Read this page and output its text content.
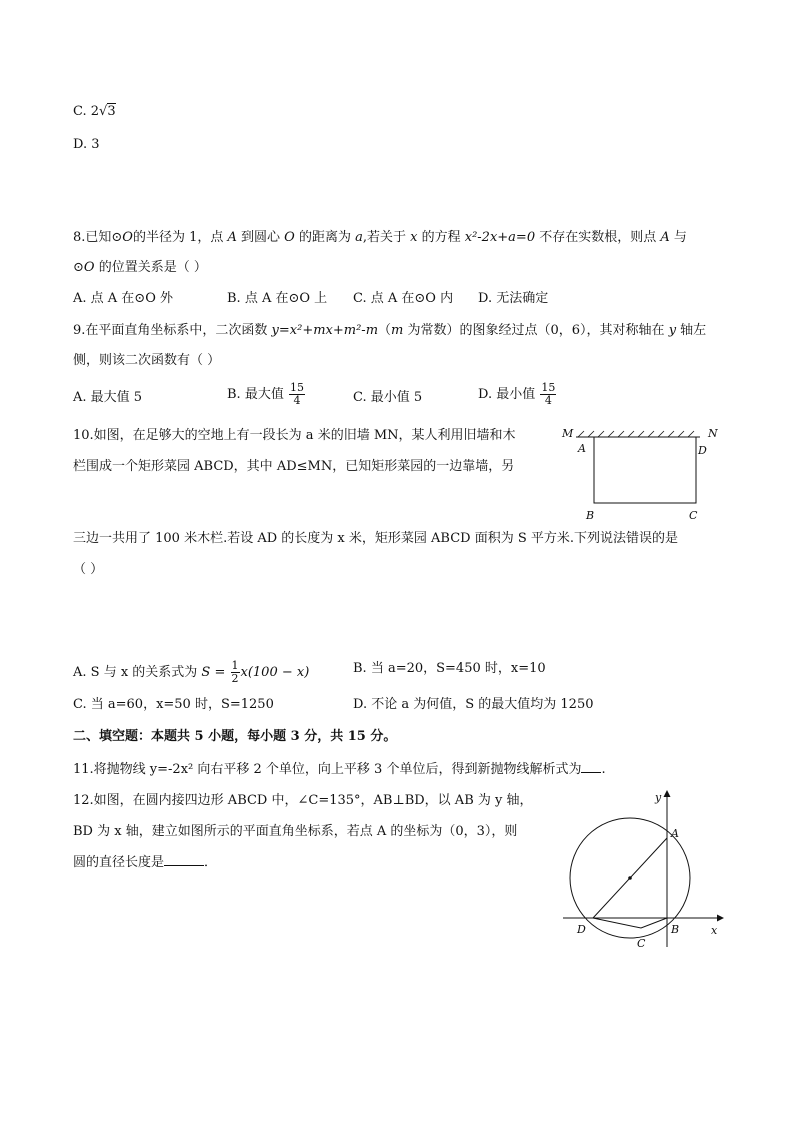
C. 2√3
D. 3
8.已知⊙O的半径为 1，点 A 到圆心 O 的距离为 a,若关于 x 的方程 x²-2x+a=0 不存在实数根，则点 A 与
⊙O 的位置关系是（ ）
A. 点 A 在⊙O 外	B. 点 A 在⊙O 上 C. 点 A 在⊙O 内 D. 无法确定
9.在平面直角坐标系中，二次函数 y=x²+mx+m²-m（m 为常数）的图象经过点（0，6），其对称轴在 y 轴左
侧，则该二次函数有（ ）
A. 最大值 5	B. 最大值 $\frac{15}{4}$	C. 最小值 5	D. 最小值 $\frac{15}{4}$
10.如图，在足够大的空地上有一段长为 a 米的旧墙 MN，某人利用旧墙和木
栏围成一个矩形菜园 ABCD，其中 AD≤MN，已知矩形菜园的一边靠墙，另
三边一共用了 100 米木栏.若设 AD 的长度为 x 米，矩形菜园 ABCD 面积为 S 平方米.下列说法错误的是
（ ）
M	N
A	D
B	C
A. S 与 x 的关系式为 $S = \frac{1}{2} x(100 - x)$	B. 当 a=20，S=450 时，x=10
C. 当 a=60，x=50 时，S=1250	D. 不论 a 为何值，S 的最大值均为 1250
二、填空题：本题共 5 小题，每小题 3 分，共 15 分。
11.将抛物线 y=-2x² 向右平移 2 个单位，向上平移 3 个单位后，得到新抛物线解析式为 .
12.如图，在圆内接四边形 ABCD 中，∠C=135°，AB⊥BD，以 AB 为 y 轴，
BD 为 x 轴，建立如图所示的平面直角坐标系，若点 A 的坐标为（0，3），则
圆的直径长度是	．
y
x
A
B
C
D
